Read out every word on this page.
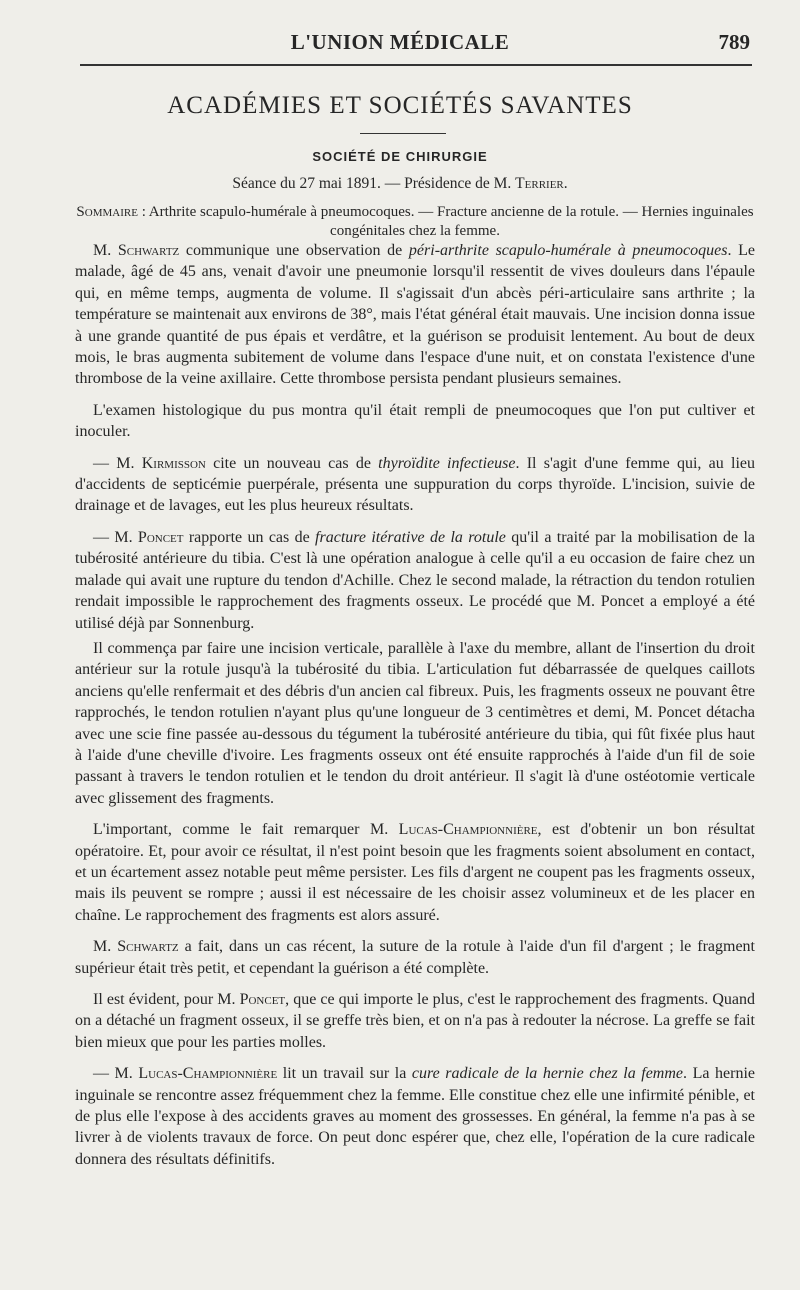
L'UNION MÉDICALE	789
ACADÉMIES ET SOCIÉTÉS SAVANTES
SOCIÉTÉ DE CHIRURGIE
Séance du 27 mai 1891. — Présidence de M. Terrier.
Sommaire : Arthrite scapulo-humérale à pneumocoques. — Fracture ancienne de la rotule. — Hernies inguinales congénitales chez la femme.

M. Schwartz communique une observation de péri-arthrite scapulo-humérale à pneumocoques. Le malade, âgé de 45 ans, venait d'avoir une pneumonie lorsqu'il ressentit de vives douleurs dans l'épaule qui, en même temps, augmenta de volume. Il s'agissait d'un abcès péri-articulaire sans arthrite ; la température se maintenait aux environs de 38°, mais l'état général était mauvais. Une incision donna issue à une grande quantité de pus épais et verdâtre, et la guérison se produisit lentement. Au bout de deux mois, le bras augmenta subitement de volume dans l'espace d'une nuit, et on constata l'existence d'une thrombose de la veine axillaire. Cette thrombose persista pendant plusieurs semaines.

L'examen histologique du pus montra qu'il était rempli de pneumocoques que l'on put cultiver et inoculer.

— M. Kirmisson cite un nouveau cas de thyroïdite infectieuse. Il s'agit d'une femme qui, au lieu d'accidents de septicémie puerpérale, présenta une suppuration du corps thyroïde. L'incision, suivie de drainage et de lavages, eut les plus heureux résultats.

— M. Poncet rapporte un cas de fracture itérative de la rotule qu'il a traité par la mobilisation de la tubérosité antérieure du tibia. C'est là une opération analogue à celle qu'il a eu occasion de faire chez un malade qui avait une rupture du tendon d'Achille. Chez le second malade, la rétraction du tendon rotulien rendait impossible le rapprochement des fragments osseux. Le procédé que M. Poncet a employé a été utilisé déjà par Sonnenburg.

Il commença par faire une incision verticale, parallèle à l'axe du membre, allant de l'insertion du droit antérieur sur la rotule jusqu'à la tubérosité du tibia. L'articulation fut débarrassée de quelques caillots anciens qu'elle renfermait et des débris d'un ancien cal fibreux. Puis, les fragments osseux ne pouvant être rapprochés, le tendon rotulien n'ayant plus qu'une longueur de 3 centimètres et demi, M. Poncet détacha avec une scie fine passée au-dessous du tégument la tubérosité antérieure du tibia, qui fût fixée plus haut à l'aide d'une cheville d'ivoire. Les fragments osseux ont été ensuite rapprochés à l'aide d'un fil de soie passant à travers le tendon rotulien et le tendon du droit antérieur. Il s'agit là d'une ostéotomie verticale avec glissement des fragments.

L'important, comme le fait remarquer M. Lucas-Championnière, est d'obtenir un bon résultat opératoire. Et, pour avoir ce résultat, il n'est point besoin que les fragments soient absolument en contact, et un écartement assez notable peut même persister. Les fils d'argent ne coupent pas les fragments osseux, mais ils peuvent se rompre ; aussi il est nécessaire de les choisir assez volumineux et de les placer en chaîne. Le rapprochement des fragments est alors assuré.

M. Schwartz a fait, dans un cas récent, la suture de la rotule à l'aide d'un fil d'argent ; le fragment supérieur était très petit, et cependant la guérison a été complète.

Il est évident, pour M. Poncet, que ce qui importe le plus, c'est le rapprochement des fragments. Quand on a détaché un fragment osseux, il se greffe très bien, et on n'a pas à redouter la nécrose. La greffe se fait bien mieux que pour les parties molles.

— M. Lucas-Championnière lit un travail sur la cure radicale de la hernie chez la femme. La hernie inguinale se rencontre assez fréquemment chez la femme. Elle constitue chez elle une infirmité pénible, et de plus elle l'expose à des accidents graves au moment des grossesses. En général, la femme n'a pas à se livrer à de violents travaux de force. On peut donc espérer que, chez elle, l'opération de la cure radicale donnera des résultats définitifs.
